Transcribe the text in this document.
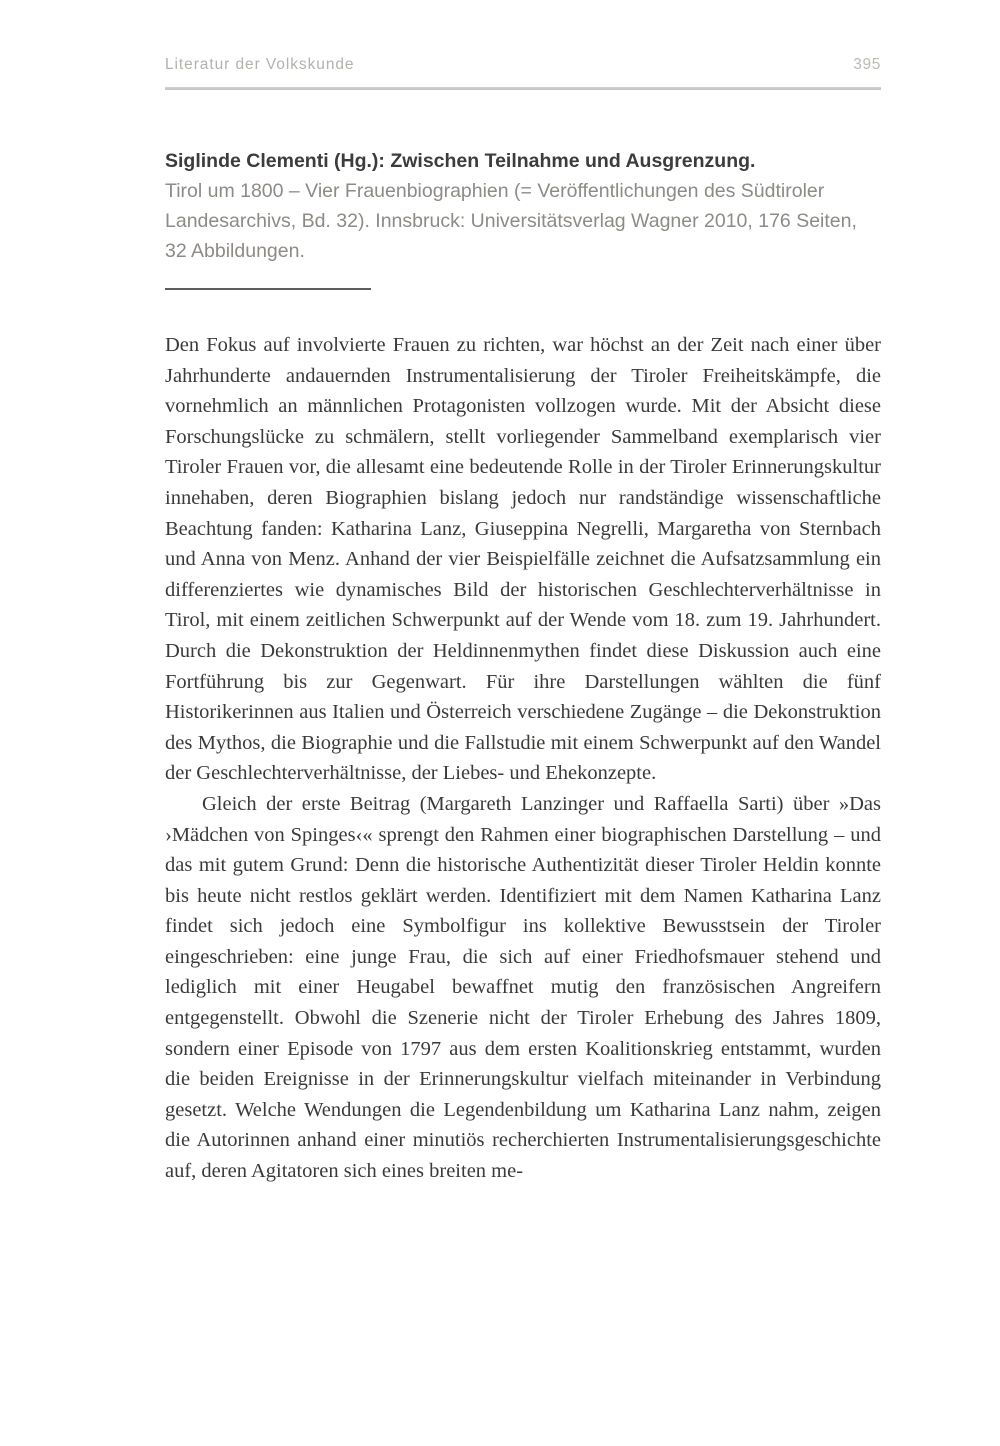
Literatur der Volkskunde	395
Siglinde Clementi (Hg.): Zwischen Teilnahme und Ausgrenzung.
Tirol um 1800 – Vier Frauenbiographien (= Veröffentlichungen des Südtiroler Landesarchivs, Bd. 32). Innsbruck: Universitätsverlag Wagner 2010, 176 Seiten, 32 Abbildungen.

Den Fokus auf involvierte Frauen zu richten, war höchst an der Zeit nach einer über Jahrhunderte andauernden Instrumentalisierung der Tiroler Freiheitskämpfe, die vornehmlich an männlichen Protagonisten vollzogen wurde. Mit der Absicht diese Forschungslücke zu schmälern, stellt vorliegender Sammelband exemplarisch vier Tiroler Frauen vor, die allesamt eine bedeutende Rolle in der Tiroler Erinnerungskultur innehaben, deren Biographien bislang jedoch nur randständige wissenschaftliche Beachtung fanden: Katharina Lanz, Giuseppina Negrelli, Margaretha von Sternbach und Anna von Menz. Anhand der vier Beispielfälle zeichnet die Aufsatzsammlung ein differenziertes wie dynamisches Bild der historischen Geschlechterverhältnisse in Tirol, mit einem zeitlichen Schwerpunkt auf der Wende vom 18. zum 19. Jahrhundert. Durch die Dekonstruktion der Heldinnenmythen findet diese Diskussion auch eine Fortführung bis zur Gegenwart. Für ihre Darstellungen wählten die fünf Historikerinnen aus Italien und Österreich verschiedene Zugänge – die Dekonstruktion des Mythos, die Biographie und die Fallstudie mit einem Schwerpunkt auf den Wandel der Geschlechterverhältnisse, der Liebes- und Ehekonzepte.

Gleich der erste Beitrag (Margareth Lanzinger und Raffaella Sarti) über »Das ›Mädchen von Spinges‹« sprengt den Rahmen einer biographischen Darstellung – und das mit gutem Grund: Denn die historische Authentizität dieser Tiroler Heldin konnte bis heute nicht restlos geklärt werden. Identifiziert mit dem Namen Katharina Lanz findet sich jedoch eine Symbolfigur ins kollektive Bewusstsein der Tiroler eingeschrieben: eine junge Frau, die sich auf einer Friedhofsmauer stehend und lediglich mit einer Heugabel bewaffnet mutig den französischen Angreifern entgegenstellt. Obwohl die Szenerie nicht der Tiroler Erhebung des Jahres 1809, sondern einer Episode von 1797 aus dem ersten Koalitionskrieg entstammt, wurden die beiden Ereignisse in der Erinnerungskultur vielfach miteinander in Verbindung gesetzt. Welche Wendungen die Legendenbildung um Katharina Lanz nahm, zeigen die Autorinnen anhand einer minutiös recherchierten Instrumentalisierungsgeschichte auf, deren Agitatoren sich eines breiten me-
